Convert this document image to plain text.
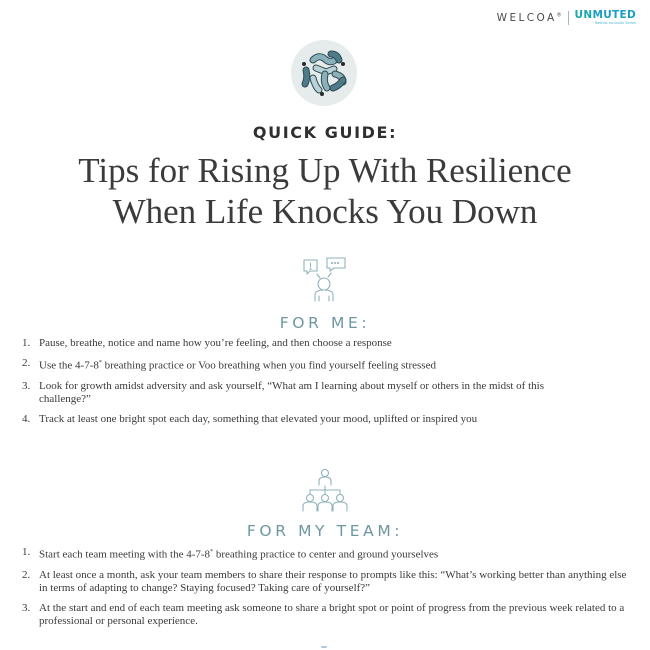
WELCOA® UNMUTED
Radical Inclusion Series
QUICK GUIDE:
Tips for Rising Up With Resilience
When Life Knocks You Down
FOR ME:
1. Pause, breathe, notice and name how you’re feeling, and then choose a response
2. Use the 4-7-8* breathing practice or Voo breathing when you find yourself feeling stressed
3. Look for growth amidst adversity and ask yourself, “What am I learning about myself or others in the midst of this challenge?”
4. Track at least one bright spot each day, something that elevated your mood, uplifted or inspired you
FOR MY TEAM:
1. Start each team meeting with the 4-7-8* breathing practice to center and ground yourselves
2. At least once a month, ask your team members to share their response to prompts like this: “What’s working better than anything else in terms of adapting to change? Staying focused? Taking care of yourself?”
3. At the start and end of each team meeting ask someone to share a bright spot or point of progress from the previous week related to a professional or personal experience.
